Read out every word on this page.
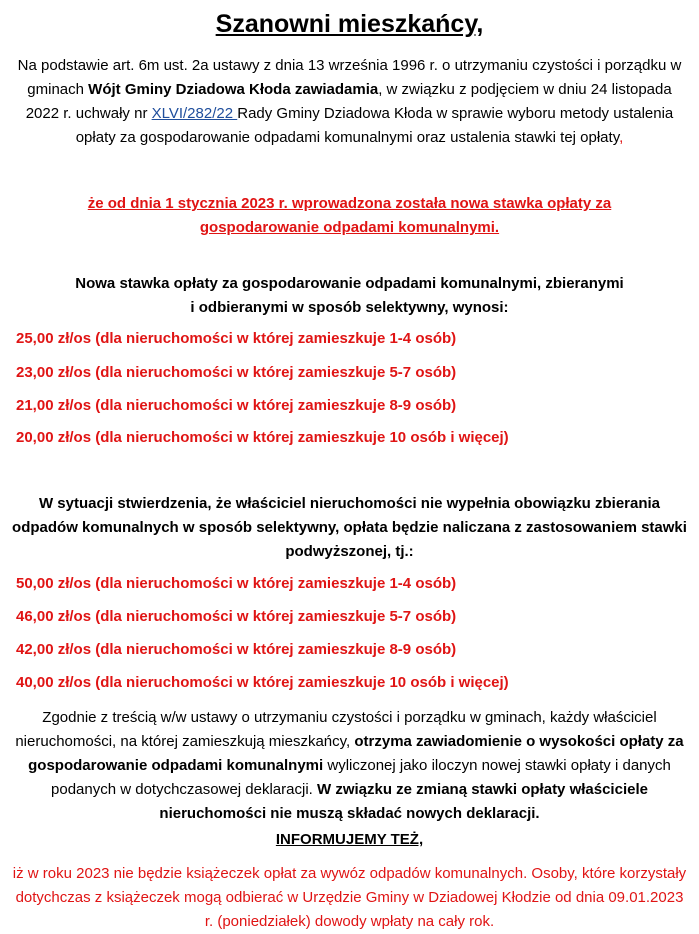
Szanowni mieszkańcy,
Na podstawie art. 6m ust. 2a ustawy z dnia 13 września 1996 r. o utrzymaniu czystości i porządku w gminach Wójt Gminy Dziadowa Kłoda zawiadamia, w związku z podjęciem w dniu 24 listopada 2022 r. uchwały nr XLVI/282/22 Rady Gminy Dziadowa Kłoda w sprawie wyboru metody ustalenia opłaty za gospodarowanie odpadami komunalnymi oraz ustalenia stawki tej opłaty,
że od dnia 1 stycznia 2023 r. wprowadzona została nowa stawka opłaty za gospodarowanie odpadami komunalnymi.
Nowa stawka opłaty za gospodarowanie odpadami komunalnymi, zbieranymi
i odbieranymi w sposób selektywny, wynosi:
25,00 zł/os (dla nieruchomości w której zamieszkuje 1-4 osób)
23,00 zł/os (dla nieruchomości w której zamieszkuje 5-7 osób)
21,00 zł/os (dla nieruchomości w której zamieszkuje 8-9 osób)
20,00 zł/os (dla nieruchomości w której zamieszkuje 10 osób i więcej)
W sytuacji stwierdzenia, że właściciel nieruchomości nie wypełnia obowiązku zbierania odpadów komunalnych w sposób selektywny, opłata będzie naliczana z zastosowaniem stawki podwyższonej, tj.:
50,00 zł/os (dla nieruchomości w której zamieszkuje 1-4 osób)
46,00 zł/os (dla nieruchomości w której zamieszkuje 5-7 osób)
42,00 zł/os (dla nieruchomości w której zamieszkuje 8-9 osób)
40,00 zł/os (dla nieruchomości w której zamieszkuje 10 osób i więcej)
Zgodnie z treścią w/w ustawy o utrzymaniu czystości i porządku w gminach, każdy właściciel nieruchomości, na której zamieszkują mieszkańcy, otrzyma zawiadomienie o wysokości opłaty za gospodarowanie odpadami komunalnymi wyliczonej jako iloczyn nowej stawki opłaty i danych podanych w dotychczasowej deklaracji. W związku ze zmianą stawki opłaty właściciele nieruchomości nie muszą składać nowych deklaracji.
INFORMUJEMY TEŻ,
iż w roku 2023 nie będzie książeczek opłat za wywóz odpadów komunalnych. Osoby, które korzystały dotychczas z książeczek mogą odbierać w Urzędzie Gminy w Dziadowej Kłodzie od dnia 09.01.2023 r. (poniedziałek) dowody wpłaty na cały rok.
